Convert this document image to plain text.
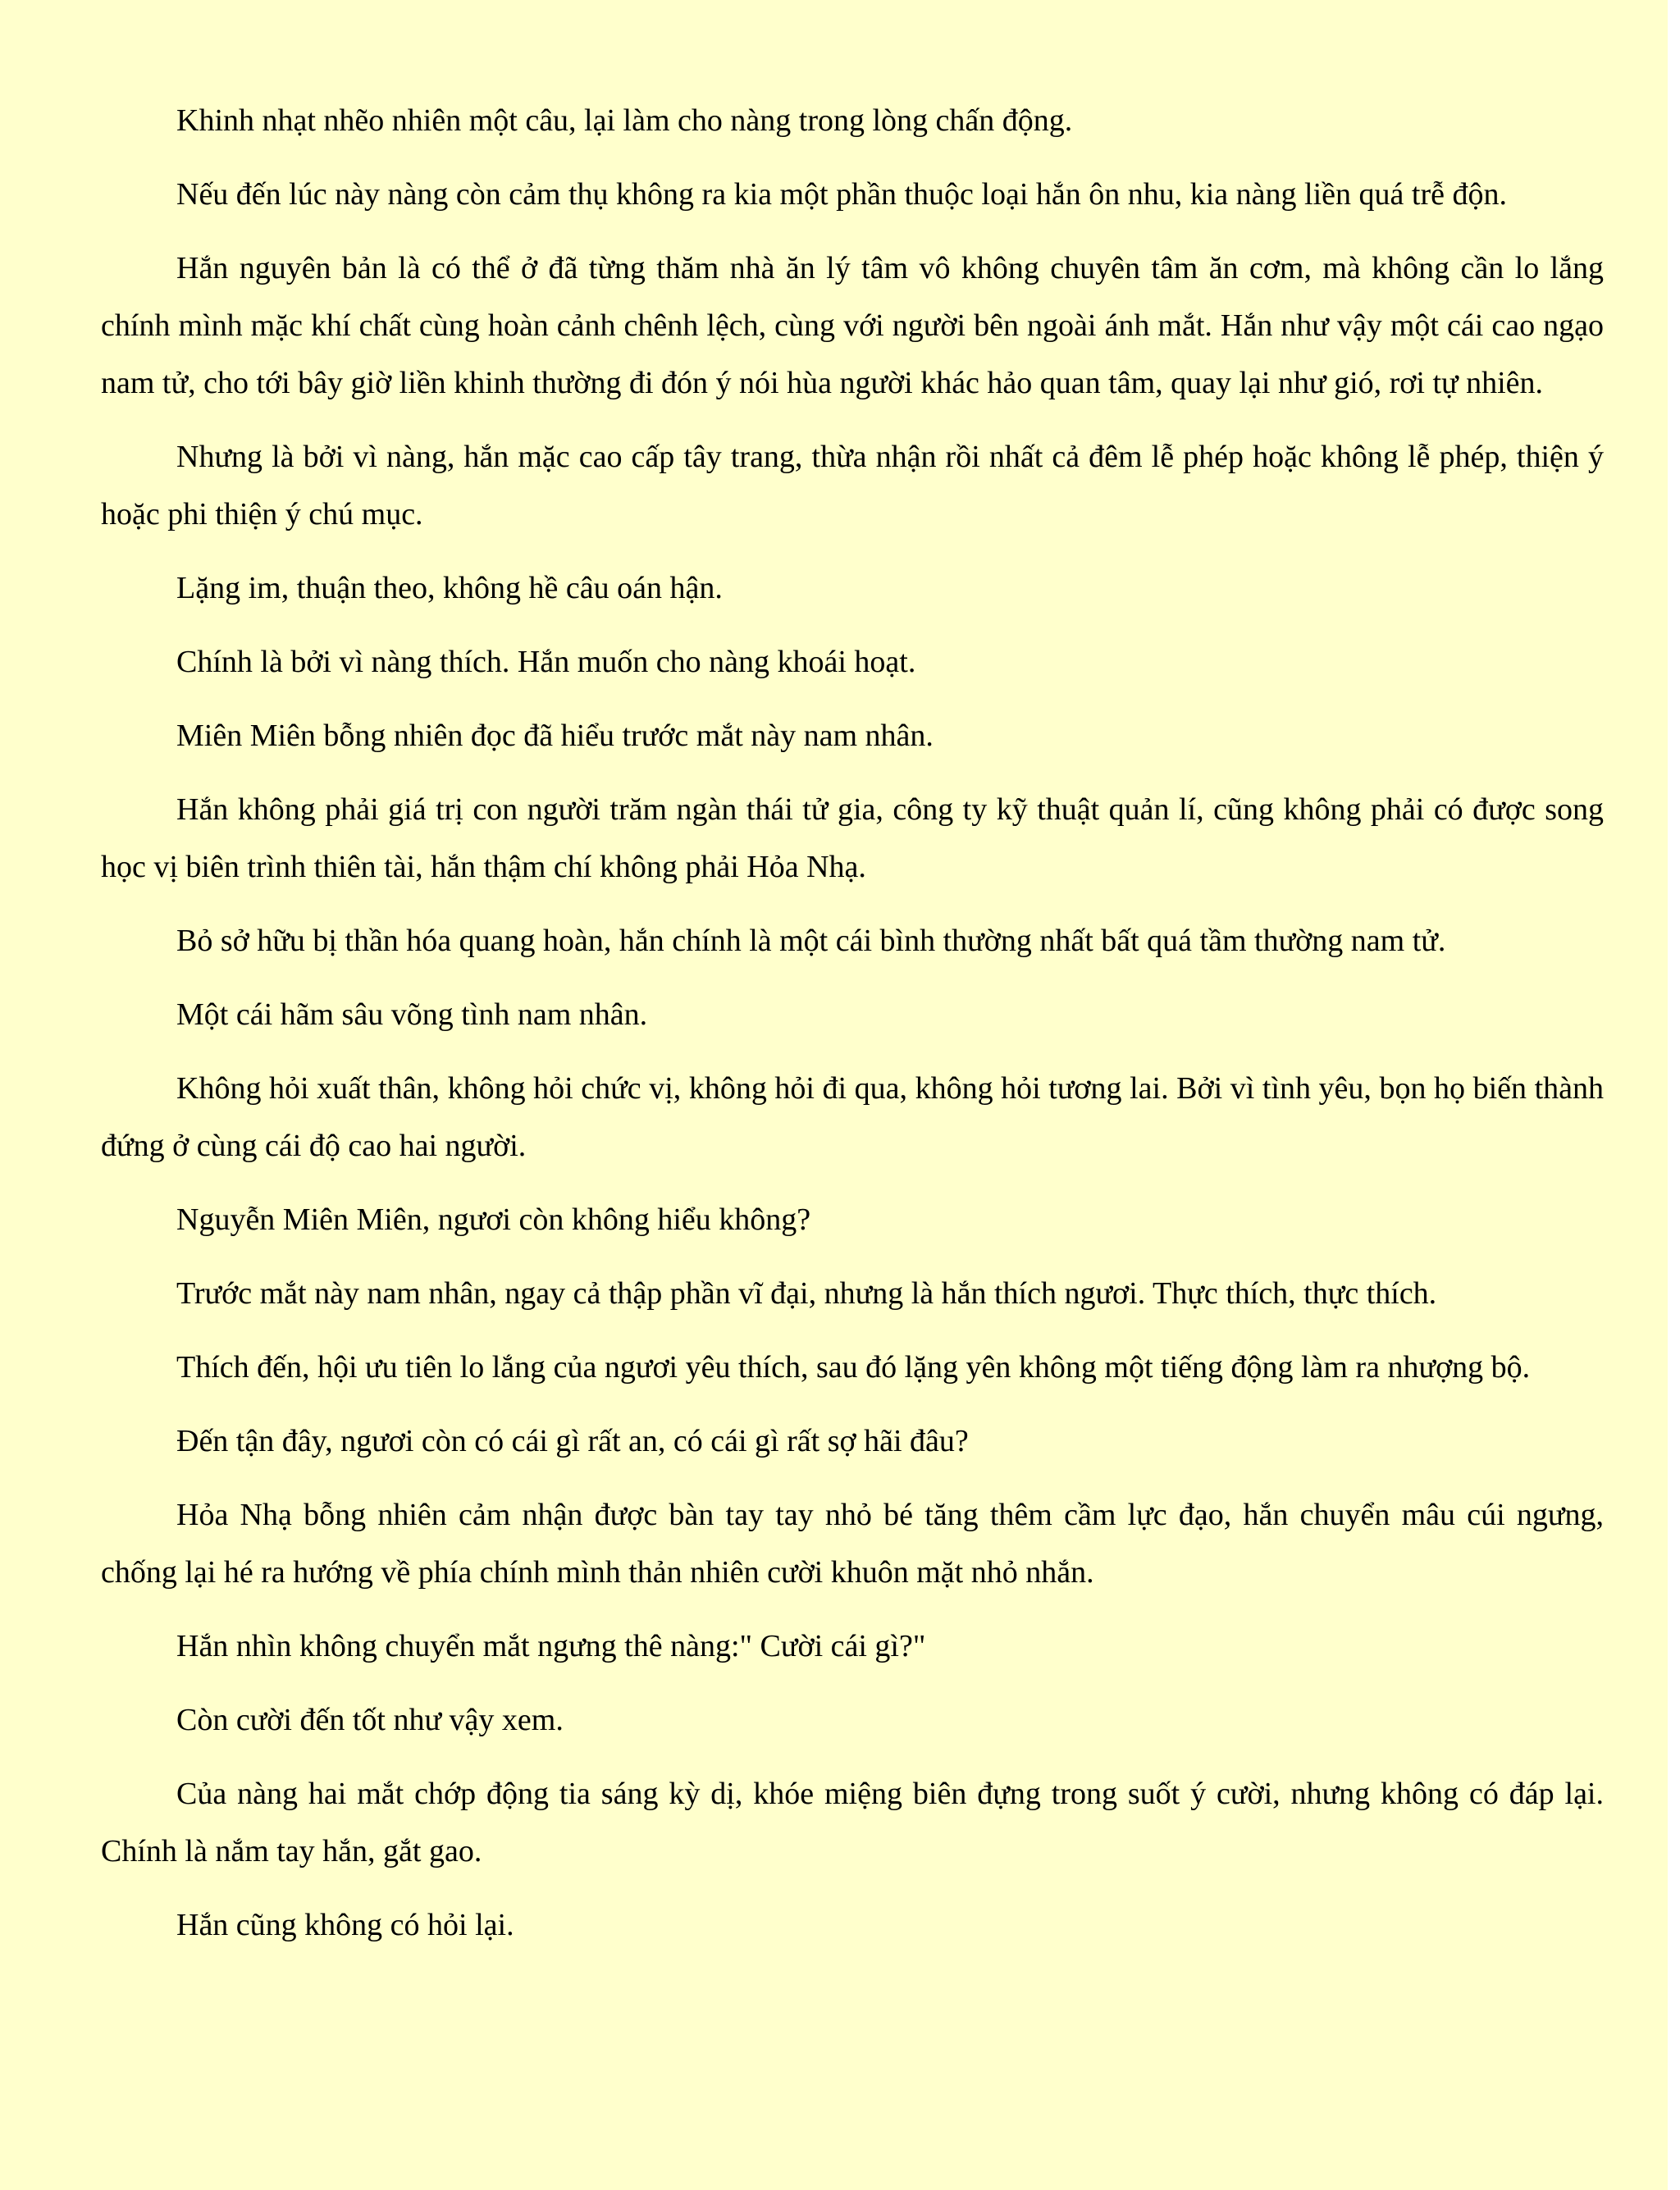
Khinh nhạt nhẽo nhiên một câu, lại làm cho nàng trong lòng chấn động.

Nếu đến lúc này nàng còn cảm thụ không ra kia một phần thuộc loại hắn ôn nhu, kia nàng liền quá trễ độn.

Hắn nguyên bản là có thể ở đã từng thăm nhà ăn lý tâm vô không chuyên tâm ăn cơm, mà không cần lo lắng chính mình mặc khí chất cùng hoàn cảnh chênh lệch, cùng với người bên ngoài ánh mắt. Hắn như vậy một cái cao ngạo nam tử, cho tới bây giờ liền khinh thường đi đón ý nói hùa người khác hảo quan tâm, quay lại như gió, rơi tự nhiên.

Nhưng là bởi vì nàng, hắn mặc cao cấp tây trang, thừa nhận rồi nhất cả đêm lễ phép hoặc không lễ phép, thiện ý hoặc phi thiện ý chú mục.

Lặng im, thuận theo, không hề câu oán hận.

Chính là bởi vì nàng thích. Hắn muốn cho nàng khoái hoạt.

Miên Miên bỗng nhiên đọc đã hiểu trước mắt này nam nhân.

Hắn không phải giá trị con người trăm ngàn thái tử gia, công ty kỹ thuật quản lí, cũng không phải có được song học vị biên trình thiên tài, hắn thậm chí không phải Hỏa Nhạ.

Bỏ sở hữu bị thần hóa quang hoàn, hắn chính là một cái bình thường nhất bất quá tầm thường nam tử.

Một cái hãm sâu võng tình nam nhân.

Không hỏi xuất thân, không hỏi chức vị, không hỏi đi qua, không hỏi tương lai. Bởi vì tình yêu, bọn họ biến thành đứng ở cùng cái độ cao hai người.

Nguyễn Miên Miên, ngươi còn không hiểu không?

Trước mắt này nam nhân, ngay cả thập phần vĩ đại, nhưng là hắn thích ngươi. Thực thích, thực thích.

Thích đến, hội ưu tiên lo lắng của ngươi yêu thích, sau đó lặng yên không một tiếng động làm ra nhượng bộ.

Đến tận đây, ngươi còn có cái gì rất an, có cái gì rất sợ hãi đâu?

Hỏa Nhạ bỗng nhiên cảm nhận được bàn tay tay nhỏ bé tăng thêm cầm lực đạo, hắn chuyển mâu cúi ngưng, chống lại hé ra hướng về phía chính mình thản nhiên cười khuôn mặt nhỏ nhắn.

Hắn nhìn không chuyển mắt ngưng thê nàng:" Cười cái gì?"

Còn cười đến tốt như vậy xem.

Của nàng hai mắt chớp động tia sáng kỳ dị, khóe miệng biên đựng trong suốt ý cười, nhưng không có đáp lại. Chính là nắm tay hắn, gắt gao.

Hắn cũng không có hỏi lại.
